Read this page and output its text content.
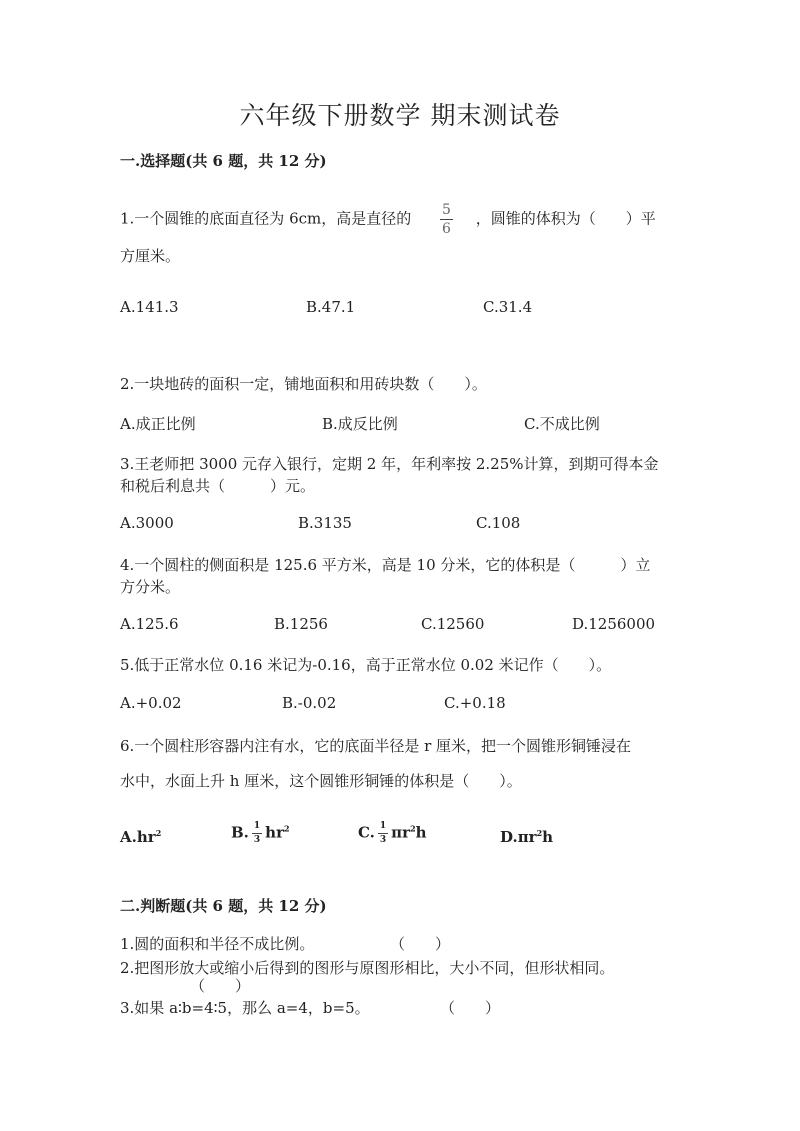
六年级下册数学 期末测试卷
一.选择题(共 6 题，共 12 分)
1.一个圆锥的底面直径为 6cm，高是直径的 $\frac{5}{6}$ ，圆锥的体积为（　　）平
方厘米。
A.141.3	B.47.1	C.31.4
2.一块地砖的面积一定，铺地面积和用砖块数（　　）。
A.成正比例	B.成反比例	C.不成比例
3.王老师把 3000 元存入银行，定期 2 年，年利率按 2.25%计算，到期可得本金
和税后利息共（　　　）元。
A.3000	B.3135	C.108
4.一个圆柱的侧面积是 125.6 平方米，高是 10 分米，它的体积是（　　　）立
方分米。
A.125.6	B.1256	C.12560	D.1256000
5.低于正常水位 0.16 米记为-0.16，高于正常水位 0.02 米记作（　　）。
A.+0.02	B.-0.02	C.+0.18
6.一个圆柱形容器内注有水，它的底面半径是 r 厘米，把一个圆锥形铜锤浸在
水中，水面上升 h 厘米，这个圆锥形铜锤的体积是（　　）。
$A.hr^2$	B. $\frac{1}{3} hr^2$	C. $\frac{1}{3} \pi r^2h$	$D.\pi r^2h$
二.判断题(共 6 题，共 12 分)
1.圆的面积和半径不成比例。	（　　）
2.把图形放大或缩小后得到的图形与原图形相比，大小不同，但形状相同。
（　　）
3.如果 a∶b=4∶5，那么 a=4，b=5。	（　　）
